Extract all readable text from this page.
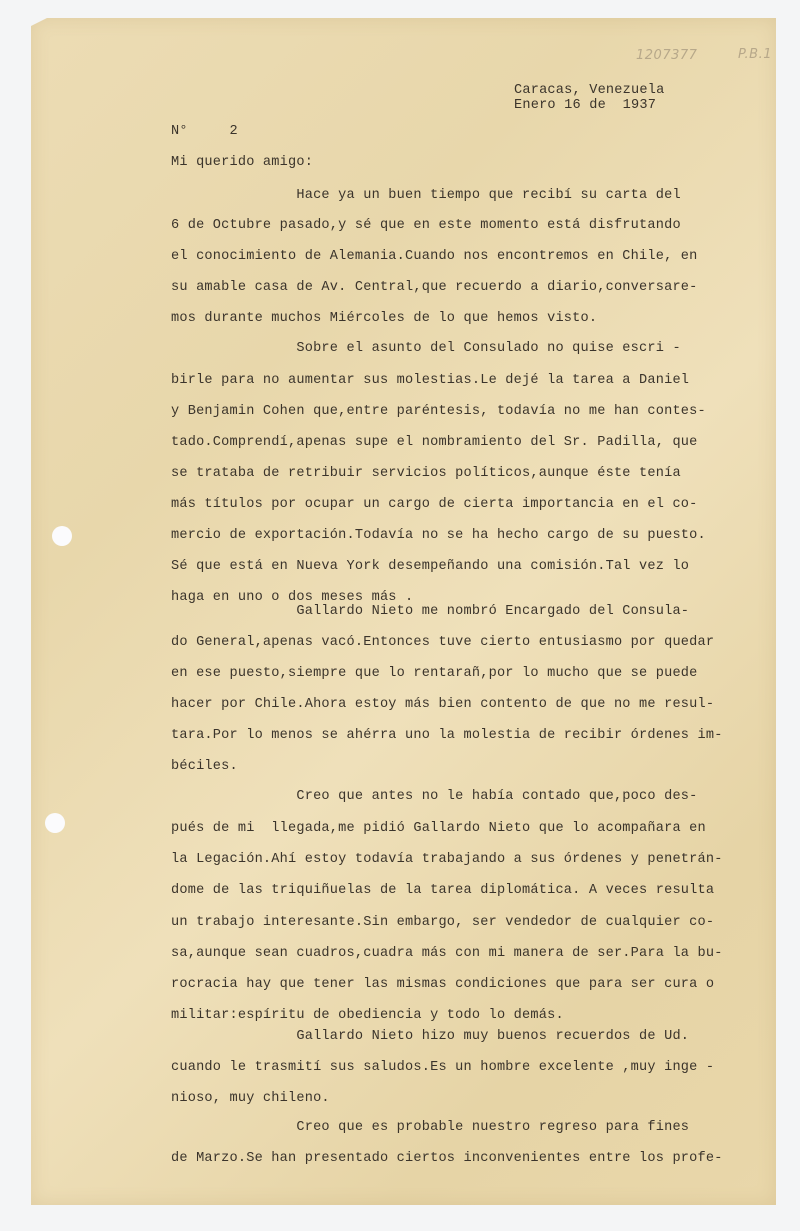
1207377	P.B.1
Caracas, Venezuela
Enero 16 de  1937
N°     2
Mi querido amigo:
Hace ya un buen tiempo que recibí su carta del
6 de Octubre pasado,y sé que en este momento está disfrutando
el conocimiento de Alemania.Cuando nos encontremos en Chile, en
su amable casa de Av. Central,que recuerdo a diario,conversare-
mos durante muchos Miércoles de lo que hemos visto.
Sobre el asunto del Consulado no quise escri -
birle para no aumentar sus molestias.Le dejé la tarea a Daniel
y Benjamin Cohen que,entre paréntesis, todavía no me han contes-
tado.Comprendí,apenas supe el nombramiento del Sr. Padilla, que
se trataba de retribuir servicios políticos,aunque éste tenía
más títulos por ocupar un cargo de cierta importancia en el co-
mercio de exportación.Todavía no se ha hecho cargo de su puesto.
Sé que está en Nueva York desempeñando una comisión.Tal vez lo
haga en uno o dos meses más .
Gallardo Nieto me nombró Encargado del Consula-
do General,apenas vacó.Entonces tuve cierto entusiasmo por quedar
en ese puesto,siempre que lo rentarañ,por lo mucho que se puede
hacer por Chile.Ahora estoy más bien contento de que no me resul-
tara.Por lo menos se ahérra uno la molestia de recibir órdenes im-
béciles.
Creo que antes no le había contado que,poco des-
pués de mi  llegada,me pidió Gallardo Nieto que lo acompañara en
la Legación.Ahí estoy todavía trabajando a sus órdenes y penetrán-
dome de las triquiñuelas de la tarea diplomática. A veces resulta
un trabajo interesante.Sin embargo, ser vendedor de cualquier co-
sa,aunque sean cuadros,cuadra más con mi manera de ser.Para la bu-
rocracia hay que tener las mismas condiciones que para ser cura o
militar:espíritu de obediencia y todo lo demás.
Gallardo Nieto hizo muy buenos recuerdos de Ud.
cuando le trasmití sus saludos.Es un hombre excelente ,muy inge -
nioso, muy chileno.
Creo que es probable nuestro regreso para fines
de Marzo.Se han presentado ciertos inconvenientes entre los profe-
